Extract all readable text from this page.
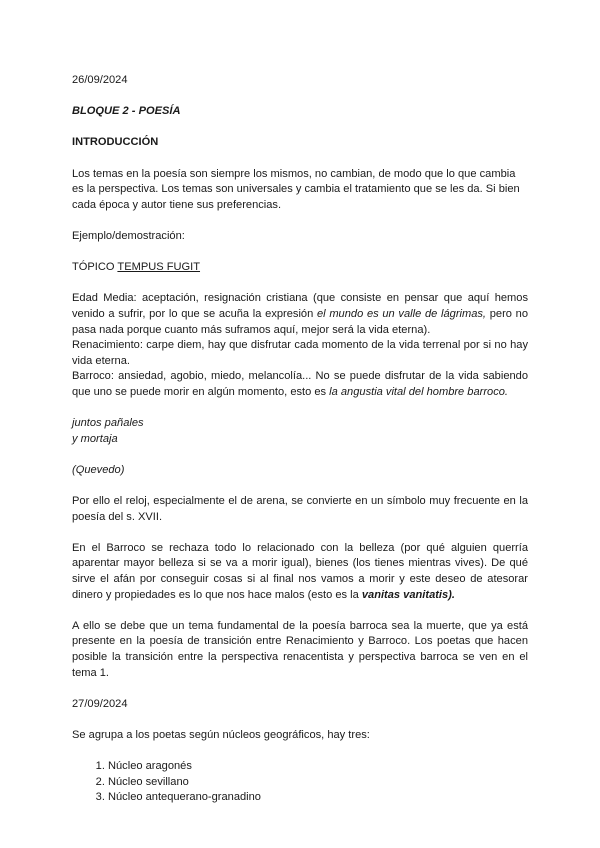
26/09/2024

BLOQUE 2 - POESÍA

INTRODUCCIÓN

Los temas en la poesía son siempre los mismos, no cambian, de modo que lo que cambia es la perspectiva. Los temas son universales y cambia el tratamiento que se les da. Si bien cada época y autor tiene sus preferencias.

Ejemplo/demostración:

TÓPICO TEMPUS FUGIT

Edad Media: aceptación, resignación cristiana (que consiste en pensar que aquí hemos venido a sufrir, por lo que se acuña la expresión el mundo es un valle de lágrimas, pero no pasa nada porque cuanto más suframos aquí, mejor será la vida eterna).

Renacimiento: carpe diem, hay que disfrutar cada momento de la vida terrenal por si no hay vida eterna.

Barroco: ansiedad, agobio, miedo, melancolía... No se puede disfrutar de la vida sabiendo que uno se puede morir en algún momento, esto es la angustia vital del hombre barroco.

juntos pañales

y mortaja

(Quevedo)

Por ello el reloj, especialmente el de arena, se convierte en un símbolo muy frecuente en la poesía del s. XVII.

En el Barroco se rechaza todo lo relacionado con la belleza (por qué alguien querría aparentar mayor belleza si se va a morir igual), bienes (los tienes mientras vives). De qué sirve el afán por conseguir cosas si al final nos vamos a morir y este deseo de atesorar dinero y propiedades es lo que nos hace malos (esto es la vanitas vanitatis).

A ello se debe que un tema fundamental de la poesía barroca sea la muerte, que ya está presente en la poesía de transición entre Renacimiento y Barroco. Los poetas que hacen posible la transición entre la perspectiva renacentista y perspectiva barroca se ven en el tema 1.

27/09/2024

Se agrupa a los poetas según núcleos geográficos, hay tres:

1. Núcleo aragonés
2. Núcleo sevillano
3. Núcleo antequerano-granadino
